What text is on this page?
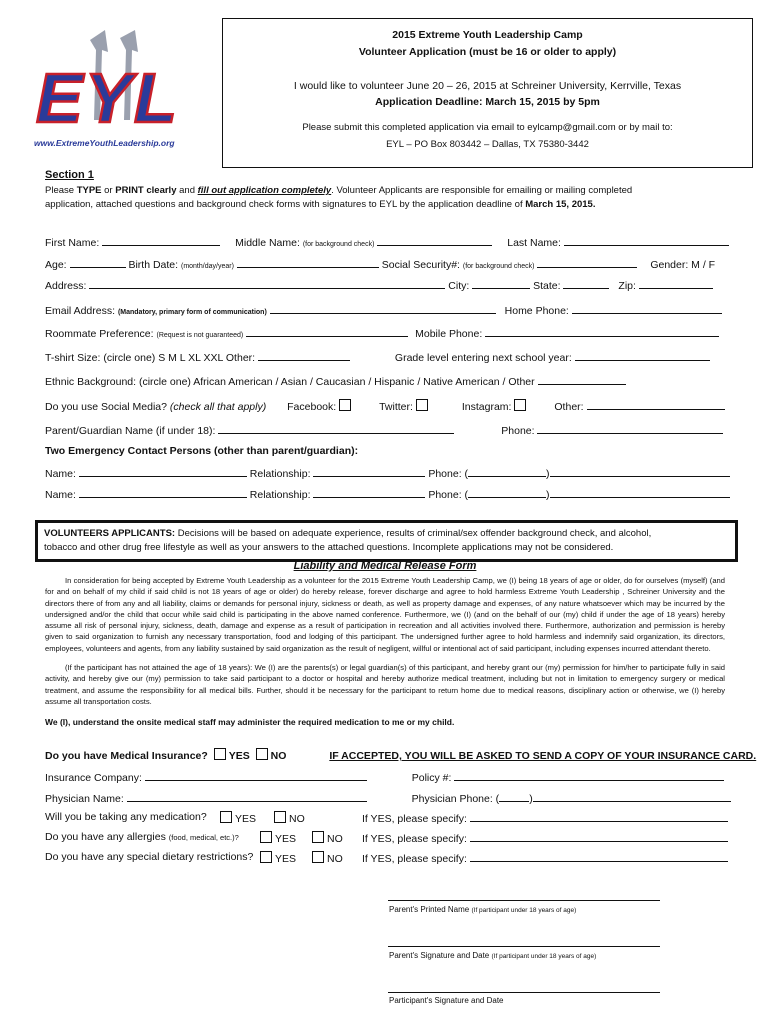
E Y L
www.ExtremeYouthLeadership.org
2015 Extreme Youth Leadership Camp
Volunteer Application (must be 16 or older to apply)
I would like to volunteer June 20 – 26, 2015 at Schreiner University, Kerrville, Texas
Application Deadline: March 15, 2015 by 5pm
Please submit this completed application via email to eylcamp@gmail.com or by mail to:
EYL – PO Box 803442 – Dallas, TX 75380-3442
Section 1
Please TYPE or PRINT clearly and fill out application completely. Volunteer Applicants are responsible for emailing or mailing completed
application, attached questions and background check forms with signatures to EYL by the application deadline of March 15, 2015.
First Name:	Middle Name: (for background check)	Last Name:
Age:	Birth Date: (month/day/year)	Social Security#: (for background check)	Gender: M / F
Address:	City:	State:	Zip:
Email Address: (Mandatory, primary form of communication)	Home Phone:
Roommate Preference: (Request is not guaranteed)	Mobile Phone:
T-shirt Size: (circle one) S M L XL XXL Other:	Grade level entering next school year:
Ethnic Background: (circle one) African American / Asian / Caucasian / Hispanic / Native American / Other
Do you use Social Media? (check all that apply) Facebook:	Twitter:	Instagram:	Other:
Parent/Guardian Name (if under 18):	Phone:
Two Emergency Contact Persons (other than parent/guardian):
Name:	Relationship:	Phone: (	)
Name:	Relationship:	Phone: (	)
VOLUNTEERS APPLICANTS: Decisions will be based on adequate experience, results of criminal/sex offender background check, and alcohol,
tobacco and other drug free lifestyle as well as your answers to the attached questions. Incomplete applications may not be considered.
Liability and Medical Release Form
In consideration for being accepted by Extreme Youth Leadership as a volunteer for the 2015 Extreme Youth Leadership Camp, we (I) being 18 years of age or older, do for ourselves (myself) (and for and on behalf of my child if said child is not 18 years of age or older) do hereby release, forever discharge and agree to hold harmless Extreme Youth Leadership , Schreiner University and the directors there of from any and all liability, claims or demands for personal injury, sickness or death, as well as property damage and expenses, of any nature whatsoever which may be incurred by the undersigned and/or the child that occur while said child is participating in the above named conference. Furthermore, we (I) (and on the behalf of our (my) child if under the age of 18 years) hereby assume all risk of personal injury, sickness, death, damage and expense as a result of participation in recreation and all activities involved there. Furthermore, authorization and permission is hereby given to said organization to furnish any necessary transportation, food and lodging of this participant. The undersigned further agree to hold harmless and indemnify said organization, its directors, employees, volunteers and agents, from any liability sustained by said organization as the result of negligent, willful or intentional act of said participant, including expenses incurred attendant thereto.
(If the participant has not attained the age of 18 years): We (I) are the parents(s) or legal guardian(s) of this participant, and hereby grant our (my) permission for him/her to participate fully in said activity, and hereby give our (my) permission to take said participant to a doctor or hospital and hereby authorize medical treatment, including but not in limitation to emergency surgery or medical treatment, and assume the responsibility for all medical bills. Further, should it be necessary for the participant to return home due to medical reasons, disciplinary action or otherwise, we (I) hereby assume all transportation costs.
We (I), understand the onsite medical staff may administer the required medication to me or my child.
Do you have Medical Insurance? YES NO	IF ACCEPTED, YOU WILL BE ASKED TO SEND A COPY OF YOUR INSURANCE CARD.
Insurance Company:	Policy #:
Physician Name:	Physician Phone: (	)
Will you be taking any medication?	YES	NO	If YES, please specify:
Do you have any allergies (food, medical, etc.)?	YES	NO If YES, please specify:
Do you have any special dietary restrictions?	YES	NO If YES, please specify:
Parent's Printed Name (If participant under 18 years of age)
Parent's Signature and Date (If participant under 18 years of age)
Participant's Signature and Date
